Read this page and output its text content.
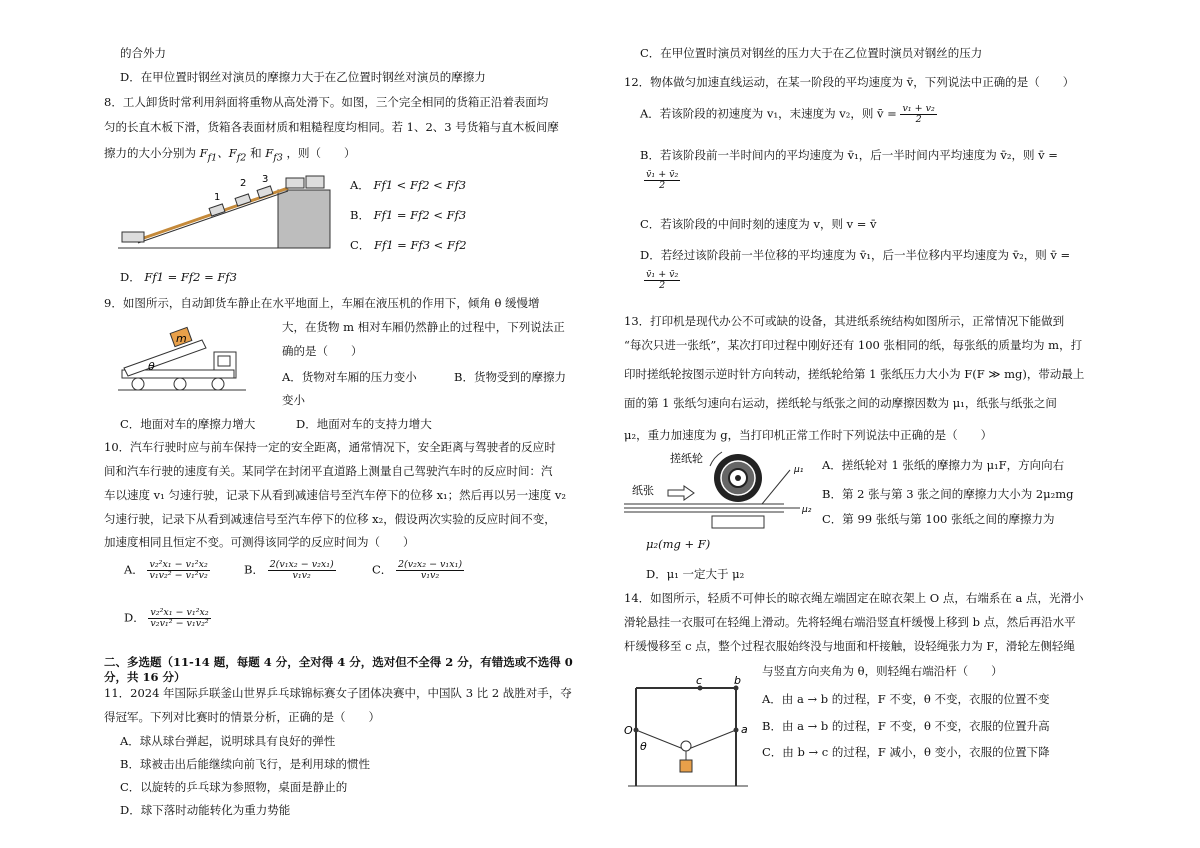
的合外力
D．在甲位置时钢丝对演员的摩擦力大于在乙位置时钢丝对演员的摩擦力
8．工人卸货时常利用斜面将重物从高处滑下。如图，三个完全相同的货箱正沿着表面均
匀的长直木板下滑，货箱各表面材质和粗糙程度均相同。若 1、2、3 号货箱与直木板间摩
擦力的大小分别为 $F_{f1}$、$F_{f2}$ 和 $F_{f3}$ ，则（　　）
1
2 3	A． Ff1 < Ff2 < Ff3
B． Ff1 = Ff2 < Ff3
C． Ff1 = Ff3 < Ff2
D． Ff1 = Ff2 = Ff3
9．如图所示，自动卸货车静止在水平地面上，车厢在液压机的作用下，倾角 θ 缓慢增
大，在货物 m 相对车厢仍然静止的过程中，下列说法正
确的是（　　）
m
θ
A．货物对车厢的压力变小	B．货物受到的摩擦力
变小
C．地面对车的摩擦力增大	D．地面对车的支持力增大
10．汽车行驶时应与前车保持一定的安全距离，通常情况下，安全距离与驾驶者的反应时
间和汽车行驶的速度有关。某同学在封闭平直道路上测量自己驾驶汽车时的反应时间：汽
车以速度 v₁ 匀速行驶，记录下从看到减速信号至汽车停下的位移 x₁；然后再以另一速度 v₂
匀速行驶，记录下从看到减速信号至汽车停下的位移 x₂，假设两次实验的反应时间不变，
加速度相同且恒定不变。可测得该同学的反应时间为（　　）
A． $\frac{\text{v₂²x₁ − v₁²x₂}}{\text{v₁v₂² − v₁²v₂}}$	B． $\frac{\text{2(v₁x₂ − v₂x₁)}}{\text{v₁v₂}}$	C． $\frac{\text{2(v₂x₂ − v₁x₁)}}{\text{v₁v₂}}$
D． $\frac{\text{v₂²x₁ − v₁²x₂}}{\text{v₂v₁² − v₁v₂²}}$
二、多选题（11-14 题，每题 4 分，全对得 4 分，选对但不全得 2 分，有错选或不选得 0
分，共 16 分）
11．2024 年国际乒联釜山世界乒乓球锦标赛女子团体决赛中，中国队 3 比 2 战胜对手，夺
得冠军。下列对比赛时的情景分析，正确的是（　　）
A．球从球台弹起，说明球具有良好的弹性
B．球被击出后能继续向前飞行，是利用球的惯性
C．以旋转的乒乓球为参照物，桌面是静止的
D．球下落时动能转化为重力势能
C．在甲位置时演员对钢丝的压力大于在乙位置时演员对钢丝的压力
12．物体做匀加速直线运动，在某一阶段的平均速度为 v̄，下列说法中正确的是（　　）
A．若该阶段的初速度为 v₁，末速度为 v₂，则 v̄ = $\frac{\text{v₁ + v₂}}{2}$
B．若该阶段前一半时间内的平均速度为 v̄₁，后一半时间内平均速度为 v̄₂，则 v̄ =
$\frac{\text{v̄₁ + v̄₂}}{2}$
C．若该阶段的中间时刻的速度为 v，则 v = v̄
D．若经过该阶段前一半位移的平均速度为 v̄₁，后一半位移内平均速度为 v̄₂，则 v̄ =
$\frac{\text{v̄₁ + v̄₂}}{2}$
13．打印机是现代办公不可或缺的设备，其进纸系统结构如图所示，正常情况下能做到
“每次只进一张纸”，某次打印过程中刚好还有 100 张相同的纸，每张纸的质量均为 m，打
印时搓纸轮按图示逆时针方向转动，搓纸轮给第 1 张纸压力大小为 F(F ≫ mg)，带动最上
面的第 1 张纸匀速向右运动，搓纸轮与纸张之间的动摩擦因数为 μ₁，纸张与纸张之间
μ₂，重力加速度为 g，当打印机正常工作时下列说法中正确的是（　　）
搓纸轮
纸张
μ₁
μ₂
A．搓纸轮对 1 张纸的摩擦力为 μ₁F，方向向右
B．第 2 张与第 3 张之间的摩擦力大小为 2μ₂mg
C．第 99 张纸与第 100 张纸之间的摩擦力为
μ₂(mg + F)
D．μ₁ 一定大于 μ₂
14．如图所示，轻质不可伸长的晾衣绳左端固定在晾衣架上 O 点，右端系在 a 点，光滑小
滑轮悬挂一衣服可在轻绳上滑动。先将轻绳右端沿竖直杆缓慢上移到 b 点，然后再沿水平
杆缓慢移至 c 点，整个过程衣服始终没与地面和杆接触，设轻绳张力为 F，滑轮左侧轻绳
与竖直方向夹角为 θ，则轻绳右端沿杆（　　）
c	b
a
O
θ
A．由 a → b 的过程，F 不变，θ 不变，衣服的位置不变
B．由 a → b 的过程，F 不变，θ 不变，衣服的位置升高
C．由 b → c 的过程，F 减小，θ 变小，衣服的位置下降
